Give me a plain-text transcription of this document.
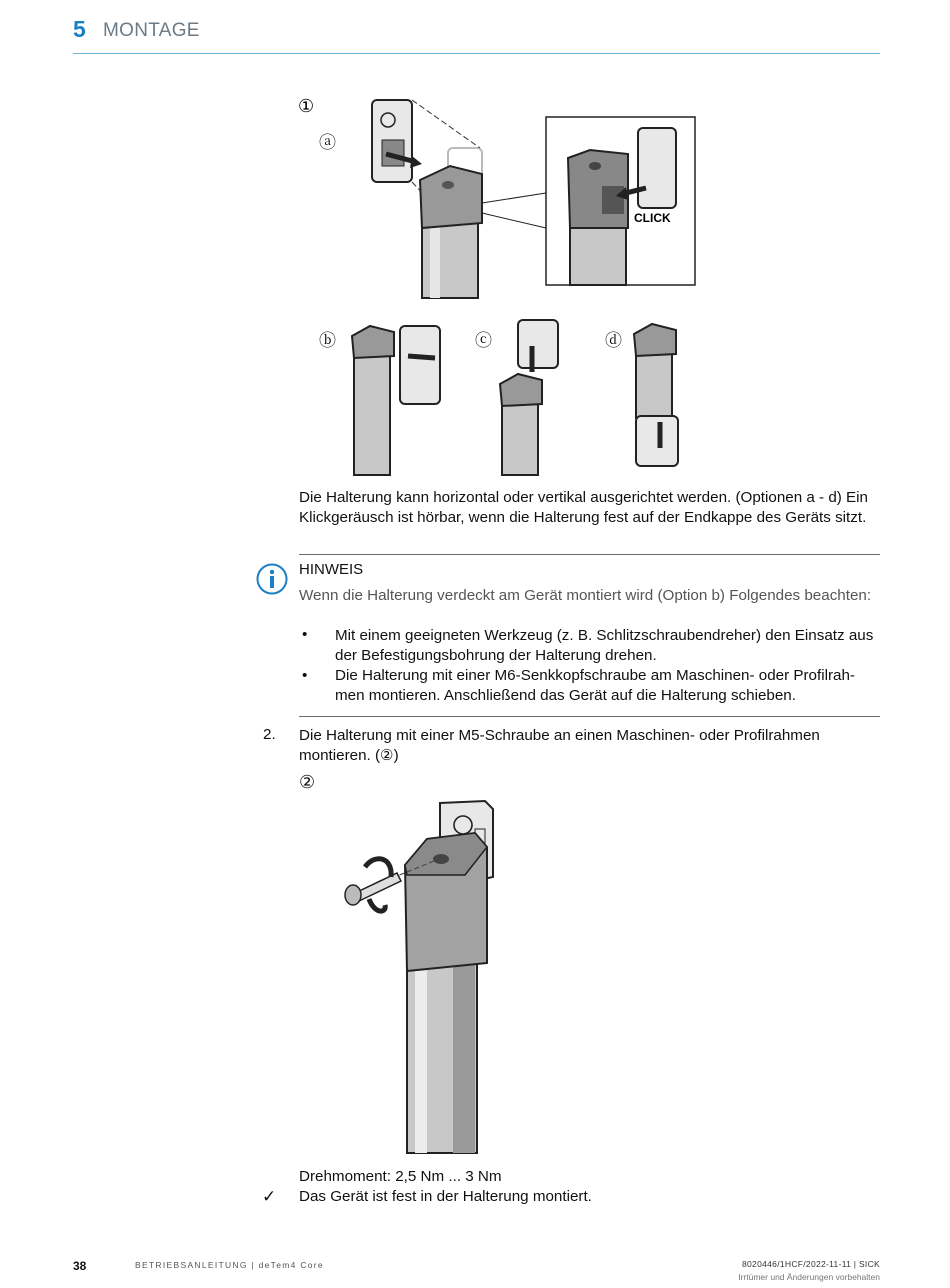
5 MONTAGE
①
ⓐ
CLICK
ⓑ	ⓒ	ⓓ
Die Halterung kann horizontal oder vertikal ausgerichtet werden. (Optionen a - d) Ein Klickgeräusch ist hörbar, wenn die Halterung fest auf der Endkappe des Geräts sitzt.
HINWEIS
Wenn die Halterung verdeckt am Gerät montiert wird (Option b) Folgendes beachten:
• Mit einem geeigneten Werkzeug (z. B. Schlitzschraubendreher) den Einsatz aus der Befestigungsbohrung der Halterung drehen.
• Die Halterung mit einer M6-Senkkopfschraube am Maschinen- oder Profilrah-men montieren. Anschließend das Gerät auf die Halterung schieben.
2. Die Halterung mit einer M5-Schraube an einen Maschinen- oder Profilrahmen montieren. (②)
②
Drehmoment: 2,5 Nm ... 3 Nm
✓ Das Gerät ist fest in der Halterung montiert.
38	BETRIEBSANLEITUNG | deTem4 Core	8020446/1HCF/2022-11-11 | SICK
Irrtümer und Änderungen vorbehalten
